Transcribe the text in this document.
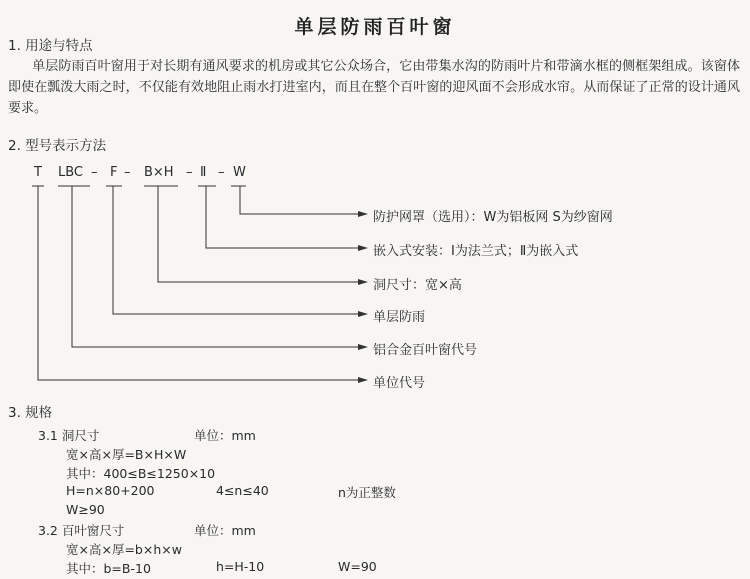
单层防雨百叶窗
1. 用途与特点
单层防雨百叶窗用于对长期有通风要求的机房或其它公众场合，它由带集水沟的防雨叶片和带滴水框的侧框架组成。该窗体即使在瓢泼大雨之时，不仅能有效地阻止雨水打进室内，而且在整个百叶窗的迎风面不会形成水帘。从而保证了正常的设计通风要求。
2. 型号表示方法
T LBC – F – B×H – Ⅱ – W
防护网罩（选用）：W为铝板网 S为纱窗网
嵌入式安装：Ⅰ为法兰式；Ⅱ为嵌入式
洞尺寸：宽×高
单层防雨
铝合金百叶窗代号
单位代号
3. 规格
3.1 洞尺寸	单位：mm
宽×高×厚=B×H×W
其中：400≤B≤1250×10
H=n×80+200	4≤n≤40	n为正整数
W≥90
3.2 百叶窗尺寸	单位：mm
宽×高×厚=b×h×w
其中：b=B-10	h=H-10	W=90
